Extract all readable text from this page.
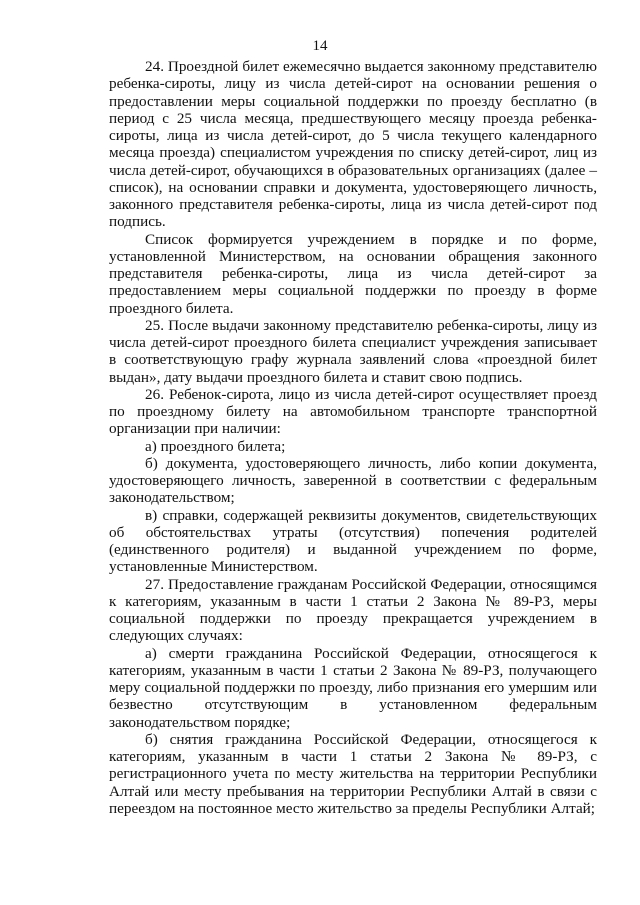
14

24. Проездной билет ежемесячно выдается законному представителю ребенка-сироты, лицу из числа детей-сирот на основании решения о предоставлении меры социальной поддержки по проезду бесплатно (в период с 25 числа месяца, предшествующего месяцу проезда ребенка-сироты, лица из числа детей-сирот, до 5 числа текущего календарного месяца проезда) специалистом учреждения по списку детей-сирот, лиц из числа детей-сирот, обучающихся в образовательных организациях (далее – список), на основании справки и документа, удостоверяющего личность, законного представителя ребенка-сироты, лица из числа детей-сирот под подпись.

Список формируется учреждением в порядке и по форме, установленной Министерством, на основании обращения законного представителя ребенка-сироты, лица из числа детей-сирот за предоставлением меры социальной поддержки по проезду в форме проездного билета.

25. После выдачи законному представителю ребенка-сироты, лицу из числа детей-сирот проездного билета специалист учреждения записывает в соответствующую графу журнала заявлений слова «проездной билет выдан», дату выдачи проездного билета и ставит свою подпись.

26. Ребенок-сирота, лицо из числа детей-сирот осуществляет проезд по проездному билету на автомобильном транспорте транспортной организации при наличии:

а) проездного билета;

б) документа, удостоверяющего личность, либо копии документа, удостоверяющего личность, заверенной в соответствии с федеральным законодательством;

в) справки, содержащей реквизиты документов, свидетельствующих об обстоятельствах утраты (отсутствия) попечения родителей (единственного родителя) и выданной учреждением по форме, установленные Министерством.

27. Предоставление гражданам Российской Федерации, относящимся к категориям, указанным в части 1 статьи 2 Закона № 89-РЗ, меры социальной поддержки по проезду прекращается учреждением в следующих случаях:

а) смерти гражданина Российской Федерации, относящегося к категориям, указанным в части 1 статьи 2 Закона № 89-РЗ, получающего меру социальной поддержки по проезду, либо признания его умершим или безвестно отсутствующим в установленном федеральным законодательством порядке;

б) снятия гражданина Российской Федерации, относящегося к категориям, указанным в части 1 статьи 2 Закона № 89-РЗ, с регистрационного учета по месту жительства на территории Республики Алтай или месту пребывания на территории Республики Алтай в связи с переездом на постоянное место жительство за пределы Республики Алтай;
